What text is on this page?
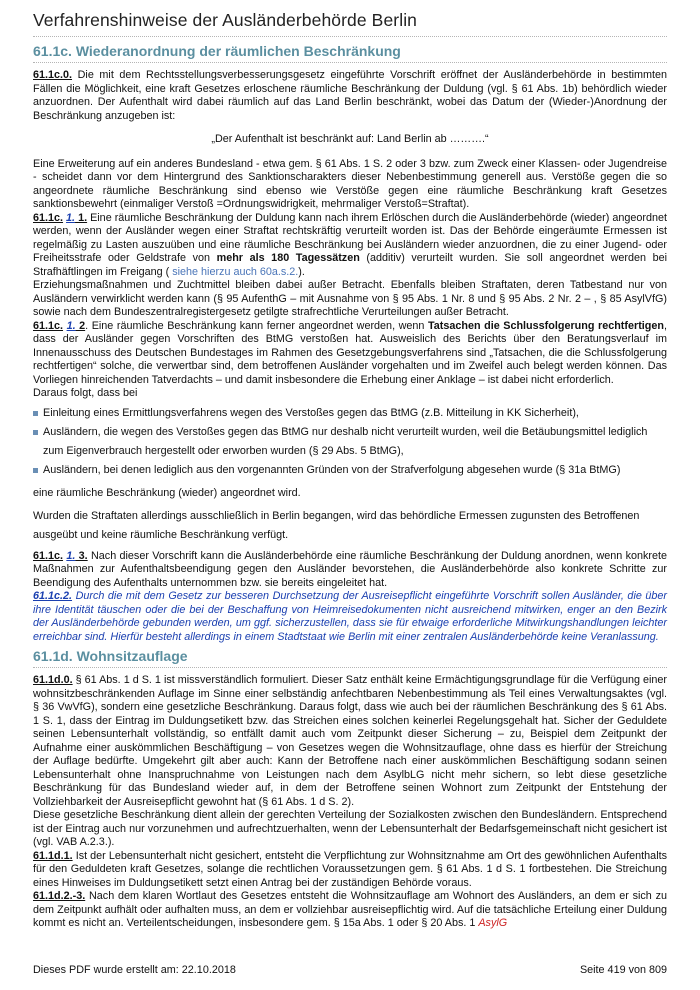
Verfahrenshinweise der Ausländerbehörde Berlin
61.1c. Wiederanordnung der räumlichen Beschränkung

61.1c.0. Die mit dem Rechtsstellungsverbesserungsgesetz eingeführte Vorschrift eröffnet der Ausländerbehörde in bestimmten Fällen die Möglichkeit, eine kraft Gesetzes erloschene räumliche Beschränkung der Duldung (vgl. § 61 Abs. 1b) behördlich wieder anzuordnen. Der Aufenthalt wird dabei räumlich auf das Land Berlin beschränkt, wobei das Datum der (Wieder-)Anordnung der Beschränkung anzugeben ist:

„Der Aufenthalt ist beschränkt auf: Land Berlin ab ……….“

Eine Erweiterung auf ein anderes Bundesland - etwa gem. § 61 Abs. 1 S. 2 oder 3 bzw. zum Zweck einer Klassen- oder Jugendreise - scheidet dann vor dem Hintergrund des Sanktionscharakters dieser Nebenbestimmung generell aus. Verstöße gegen die so angeordnete räumliche Beschränkung sind ebenso wie Verstöße gegen eine räumliche Beschränkung kraft Gesetzes sanktionsbewehrt (einmaliger Verstoß =Ordnungswidrigkeit, mehrmaliger Verstoß=Straftat).

61.1c. 1. 1. Eine räumliche Beschränkung der Duldung kann nach ihrem Erlöschen durch die Ausländerbehörde (wieder) angeordnet werden, wenn der Ausländer wegen einer Straftat rechtskräftig verurteilt worden ist. Das der Behörde eingeräumte Ermessen ist regelmäßig zu Lasten auszuüben und eine räumliche Beschränkung bei Ausländern wieder anzuordnen, die zu einer Jugend- oder Freiheitsstrafe oder Geldstrafe von mehr als 180 Tagessätzen (additiv) verurteilt wurden. Sie soll angeordnet werden bei Strafhäftlingen im Freigang ( siehe hierzu auch 60a.s.2.).

Erziehungsmaßnahmen und Zuchtmittel bleiben dabei außer Betracht. Ebenfalls bleiben Straftaten, deren Tatbestand nur von Ausländern verwirklicht werden kann (§ 95 AufenthG – mit Ausnahme von § 95 Abs. 1 Nr. 8 und § 95 Abs. 2 Nr. 2 – , § 85 AsylVfG) sowie nach dem Bundeszentralregistergesetz getilgte strafrechtliche Verurteilungen außer Betracht.

61.1c. 1. 2. Eine räumliche Beschränkung kann ferner angeordnet werden, wenn Tatsachen die Schlussfolgerung rechtfertigen, dass der Ausländer gegen Vorschriften des BtMG verstoßen hat. Ausweislich des Berichts über den Beratungsverlauf im Innenausschuss des Deutschen Bundestages im Rahmen des Gesetzgebungsverfahrens sind „Tatsachen, die die Schlussfolgerung rechtfertigen“ solche, die verwertbar sind, dem betroffenen Ausländer vorgehalten und im Zweifel auch belegt werden können. Das Vorliegen hinreichenden Tatverdachts – und damit insbesondere die Erhebung einer Anklage – ist dabei nicht erforderlich.

Daraus folgt, dass bei

Einleitung eines Ermittlungsverfahrens wegen des Verstoßes gegen das BtMG (z.B. Mitteilung in KK Sicherheit),
Ausländern, die wegen des Verstoßes gegen das BtMG nur deshalb nicht verurteilt wurden, weil die Betäubungsmittel lediglich zum Eigenverbrauch hergestellt oder erworben wurden (§ 29 Abs. 5 BtMG),
Ausländern, bei denen lediglich aus den vorgenannten Gründen von der Strafverfolgung abgesehen wurde (§ 31a BtMG)

eine räumliche Beschränkung (wieder) angeordnet wird.

Wurden die Straftaten allerdings ausschließlich in Berlin begangen, wird das behördliche Ermessen zugunsten des Betroffenen ausgeübt und keine räumliche Beschränkung verfügt.

61.1c. 1. 3. Nach dieser Vorschrift kann die Ausländerbehörde eine räumliche Beschränkung der Duldung anordnen, wenn konkrete Maßnahmen zur Aufenthaltsbeendigung gegen den Ausländer bevorstehen, die Ausländerbehörde also konkrete Schritte zur Beendigung des Aufenthalts unternommen bzw. sie bereits eingeleitet hat.

61.1c.2. Durch die mit dem Gesetz zur besseren Durchsetzung der Ausreisepflicht eingeführte Vorschrift sollen Ausländer, die über ihre Identität täuschen oder die bei der Beschaffung von Heimreisedokumenten nicht ausreichend mitwirken, enger an den Bezirk der Ausländerbehörde gebunden werden, um ggf. sicherzustellen, dass sie für etwaige erforderliche Mitwirkungshandlungen leichter erreichbar sind. Hierfür besteht allerdings in einem Stadtstaat wie Berlin mit einer zentralen Ausländerbehörde keine Veranlassung.

61.1d. Wohnsitzauflage

61.1d.0. § 61 Abs. 1 d S. 1 ist missverständlich formuliert. Dieser Satz enthält keine Ermächtigungsgrundlage für die Verfügung einer wohnsitzbeschränkenden Auflage im Sinne einer selbständig anfechtbaren Nebenbestimmung als Teil eines Verwaltungsaktes (vgl. § 36 VwVfG), sondern eine gesetzliche Beschränkung. Daraus folgt, dass wie auch bei der räumlichen Beschränkung des § 61 Abs. 1 S. 1, dass der Eintrag im Duldungsetikett bzw. das Streichen eines solchen keinerlei Regelungsgehalt hat. Sicher der Geduldete seinen Lebensunterhalt vollständig, so entfällt damit auch vom Zeitpunkt dieser Sicherung – zu, Beispiel dem Zeitpunkt der Aufnahme einer auskömmlichen Beschäftigung – von Gesetzes wegen die Wohnsitzauflage, ohne dass es hierfür der Streichung der Auflage bedürfte. Umgekehrt gilt aber auch: Kann der Betroffene nach einer auskömmlichen Beschäftigung sodann seinen Lebensunterhalt ohne Inanspruchnahme von Leistungen nach dem AsylbLG nicht mehr sichern, so lebt diese gesetzliche Beschränkung für das Bundesland wieder auf, in dem der Betroffene seinen Wohnort zum Zeitpunkt der Entstehung der Vollziehbarkeit der Ausreisepflicht gewohnt hat (§ 61 Abs. 1 d S. 2).

Diese gesetzliche Beschränkung dient allein der gerechten Verteilung der Sozialkosten zwischen den Bundesländern. Entsprechend ist der Eintrag auch nur vorzunehmen und aufrechtzuerhalten, wenn der Lebensunterhalt der Bedarfsgemeinschaft nicht gesichert ist (vgl. VAB A.2.3.).

61.1d.1. Ist der Lebensunterhalt nicht gesichert, entsteht die Verpflichtung zur Wohnsitznahme am Ort des gewöhnlichen Aufenthalts für den Geduldeten kraft Gesetzes, solange die rechtlichen Voraussetzungen gem. § 61 Abs. 1 d S. 1 fortbestehen. Die Streichung eines Hinweises im Duldungsetikett setzt einen Antrag bei der zuständigen Behörde voraus.

61.1d.2.-3. Nach dem klaren Wortlaut des Gesetzes entsteht die Wohnsitzauflage am Wohnort des Ausländers, an dem er sich zu dem Zeitpunkt aufhält oder aufhalten muss, an dem er vollziehbar ausreisepflichtig wird. Auf die tatsächliche Erteilung einer Duldung kommt es nicht an. Verteilentscheidungen, insbesondere gem. § 15a Abs. 1 oder § 20 Abs. 1 AsylG

Dieses PDF wurde erstellt am: 22.10.2018	Seite 419 von 809
